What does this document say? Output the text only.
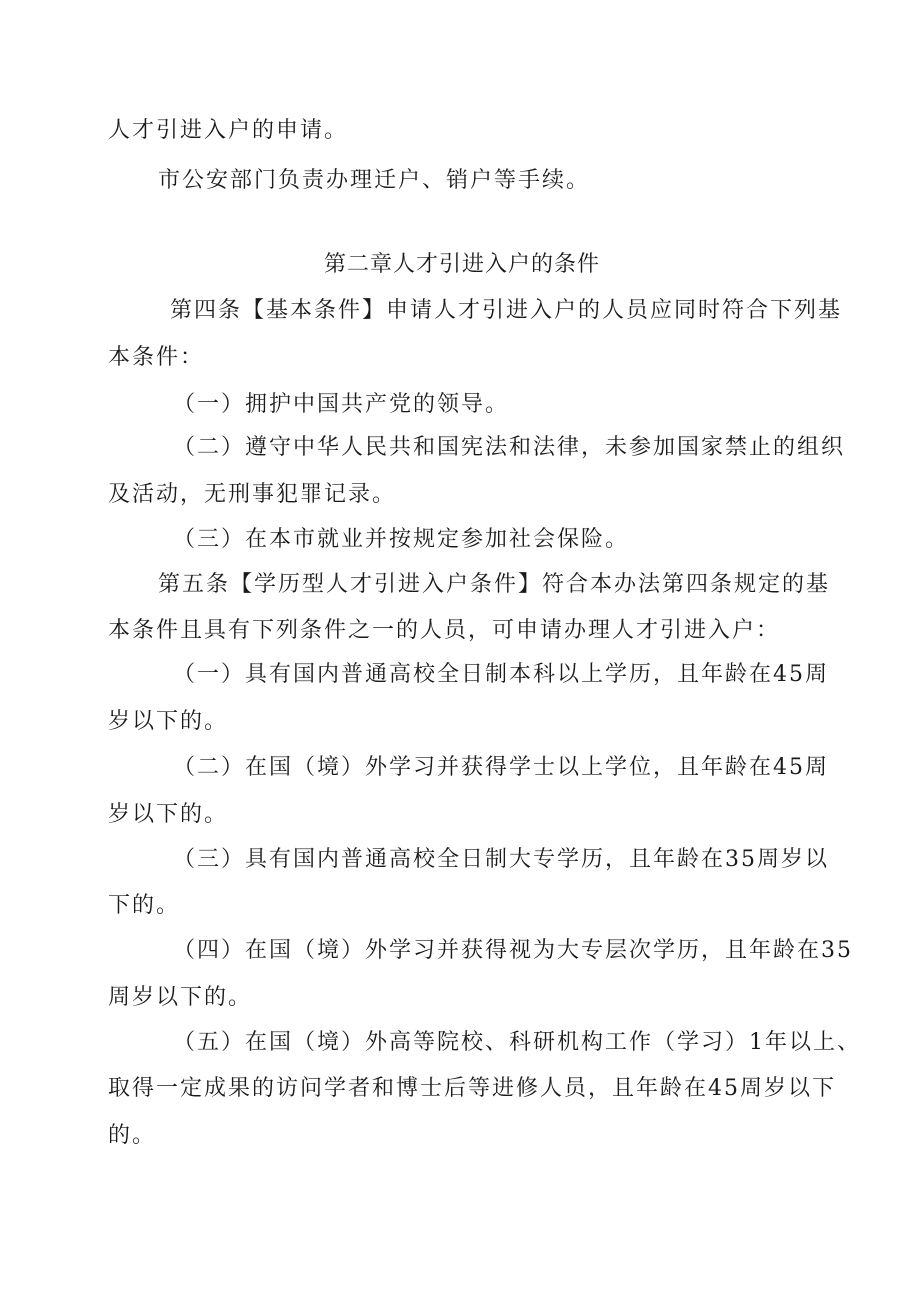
人才引进入户的申请。
市公安部门负责办理迁户、销户等手续。
第二章人才引进入户的条件
第四条【基本条件】申请人才引进入户的人员应同时符合下列基
本条件：
（一）拥护中国共产党的领导。
（二）遵守中华人民共和国宪法和法律，未参加国家禁止的组织
及活动，无刑事犯罪记录。
（三）在本市就业并按规定参加社会保险。
第五条【学历型人才引进入户条件】符合本办法第四条规定的基
本条件且具有下列条件之一的人员，可申请办理人才引进入户：
（一）具有国内普通高校全日制本科以上学历，且年龄在45周
岁以下的。
（二）在国（境）外学习并获得学士以上学位，且年龄在45周
岁以下的。
（三）具有国内普通高校全日制大专学历，且年龄在35周岁以
下的。
（四）在国（境）外学习并获得视为大专层次学历，且年龄在35
周岁以下的。
（五）在国（境）外高等院校、科研机构工作（学习）1年以上、
取得一定成果的访问学者和博士后等进修人员，且年龄在45周岁以下
的。
